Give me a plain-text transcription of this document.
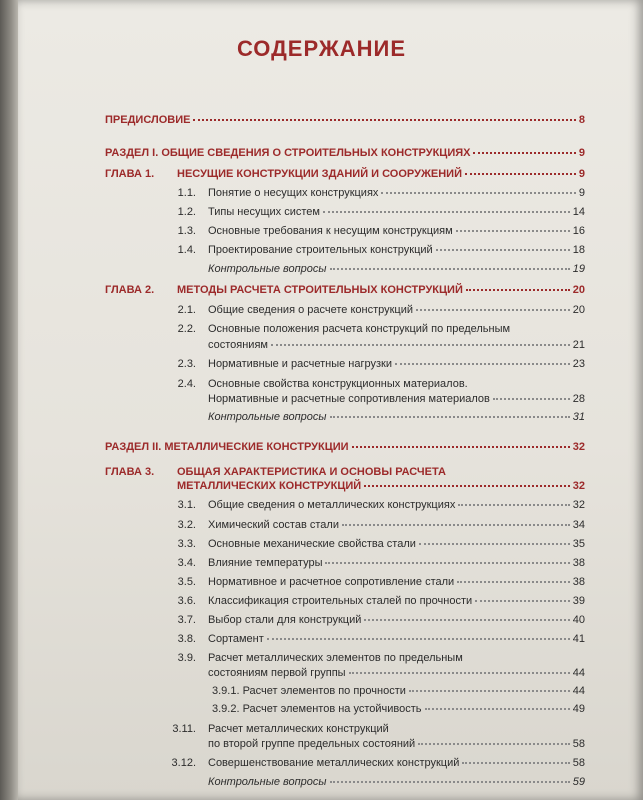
СОДЕРЖАНИЕ
ПРЕДИСЛОВИЕ	8
РАЗДЕЛ I. ОБЩИЕ СВЕДЕНИЯ О СТРОИТЕЛЬНЫХ КОНСТРУКЦИЯХ	9
ГЛАВА 1. НЕСУЩИЕ КОНСТРУКЦИИ ЗДАНИЙ И СООРУЖЕНИЙ	9
1.1. Понятие о несущих конструкциях	9
1.2. Типы несущих систем	14
1.3. Основные требования к несущим конструкциям	16
1.4. Проектирование строительных конструкций	18
Контрольные вопросы	19
ГЛАВА 2. МЕТОДЫ РАСЧЕТА СТРОИТЕЛЬНЫХ КОНСТРУКЦИЙ	20
2.1. Общие сведения о расчете конструкций	20
2.2. Основные положения расчета конструкций по предельным
состояниям	21
2.3. Нормативные и расчетные нагрузки	23
2.4. Основные свойства конструкционных материалов.
Нормативные и расчетные сопротивления материалов	28
Контрольные вопросы	31
РАЗДЕЛ II. МЕТАЛЛИЧЕСКИЕ КОНСТРУКЦИИ	32
ГЛАВА 3. ОБЩАЯ ХАРАКТЕРИСТИКА И ОСНОВЫ РАСЧЕТА
МЕТАЛЛИЧЕСКИХ КОНСТРУКЦИЙ	32
3.1. Общие сведения о металлических конструкциях	32
3.2. Химический состав стали	34
3.3. Основные механические свойства стали	35
3.4. Влияние температуры	38
3.5. Нормативное и расчетное сопротивление стали	38
3.6. Классификация строительных сталей по прочности	39
3.7. Выбор стали для конструкций	40
3.8. Сортамент	41
3.9. Расчет металлических элементов по предельным
состояниям первой группы	44
3.9.1. Расчет элементов по прочности	44
3.9.2. Расчет элементов на устойчивость	49
3.11. Расчет металлических конструкций
по второй группе предельных состояний	58
3.12. Совершенствование металлических конструкций	58
Контрольные вопросы	59
